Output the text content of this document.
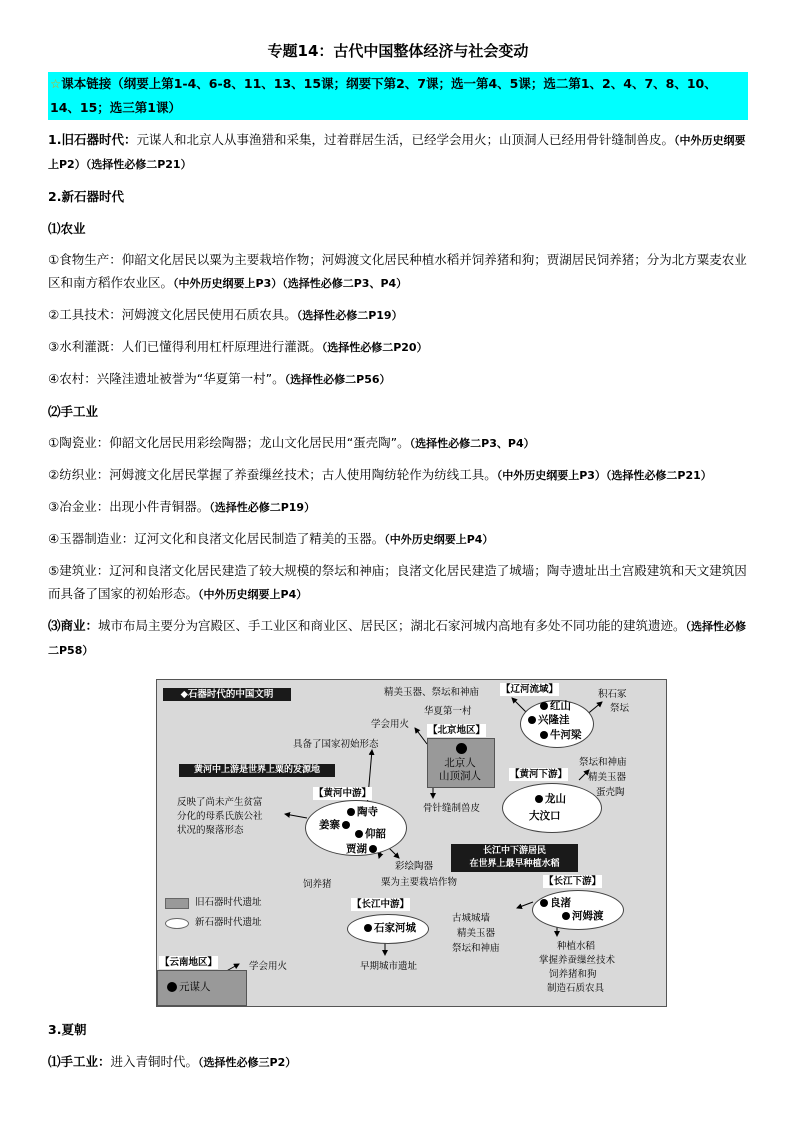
专题14：古代中国整体经济与社会变动
☆课本链接（纲要上第1-4、6-8、11、13、15课；纲要下第2、7课；选一第4、5课；选二第1、2、4、7、8、10、14、15；选三第1课）
1.旧石器时代：元谋人和北京人从事渔猎和采集，过着群居生活，已经学会用火；山顶洞人已经用骨针缝制兽皮。（中外历史纲要上P2）（选择性必修二P21）
2.新石器时代
⑴农业
①食物生产：仰韶文化居民以粟为主要栽培作物；河姆渡文化居民种植水稻并饲养猪和狗；贾湖居民饲养猪；分为北方粟麦农业区和南方稻作农业区。（中外历史纲要上P3）（选择性必修二P3、P4）
②工具技术：河姆渡文化居民使用石质农具。（选择性必修二P19）
③水利灌溉：人们已懂得利用杠杆原理进行灌溉。（选择性必修二P20）
④农村：兴隆洼遗址被誉为“华夏第一村”。（选择性必修二P56）
⑵手工业
①陶瓷业：仰韶文化居民用彩绘陶器；龙山文化居民用“蛋壳陶”。（选择性必修二P3、P4）
②纺织业：河姆渡文化居民掌握了养蚕缫丝技术；古人使用陶纺轮作为纺线工具。（中外历史纲要上P3）（选择性必修二P21）
③冶金业：出现小件青铜器。（选择性必修二P19）
④玉器制造业：辽河文化和良渚文化居民制造了精美的玉器。（中外历史纲要上P4）
⑤建筑业：辽河和良渚文化居民建造了较大规模的祭坛和神庙；良渚文化居民建造了城墙；陶寺遗址出土宫殿建筑和天文建筑因而具备了国家的初始形态。（中外历史纲要上P4）
⑶商业：城市布局主要分为宫殿区、手工业区和商业区、居民区；湖北石家河城内高地有多处不同功能的建筑遗迹。（选择性必修二P58）
◆石器时代的中国文明	精美玉器、祭坛和神庙 【辽河流域】	积石冢
祭坛
华夏第一村	红山
兴隆洼
牛河梁
学会用火
【北京地区】
北京人
山顶洞人
骨针缝制兽皮
具备了国家初始形态
黄河中上游是世界上粟的发源地
【黄河中游】
反映了尚未产生贫富
分化的母系氏族公社
状况的聚落形态
陶寺
姜寨
仰韶
贾湖
饲养猪
彩绘陶器
粟为主要栽培作物
【黄河下游】
祭坛和神庙
精美玉器
蛋壳陶
龙山
大汶口
长江中下游居民
在世界上最早种植水稻
旧石器时代遗址
新石器时代遗址
【长江中游】
石家河城
早期城市遗址
【长江下游】
良渚
河姆渡
古城城墙
精美玉器
祭坛和神庙	种植水稻
掌握养蚕缫丝技术
饲养猪和狗
制造石质农具
【云南地区】
元谋人
学会用火
3.夏朝
⑴手工业：进入青铜时代。（选择性必修三P2）
